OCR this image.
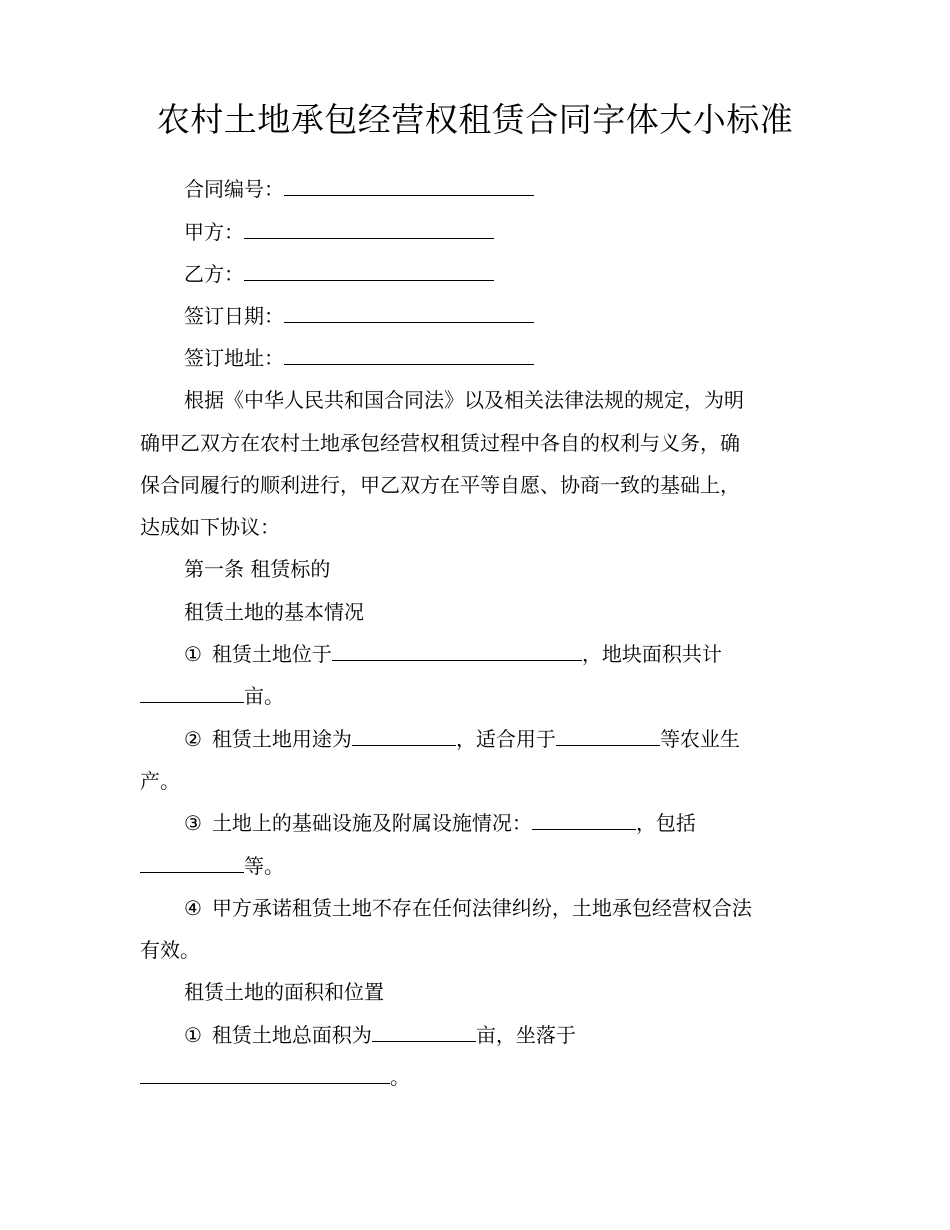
农村土地承包经营权租赁合同字体大小标准
合同编号：
甲方：
乙方：
签订日期：
签订地址：
根据《中华人民共和国合同法》以及相关法律法规的规定，为明
确甲乙双方在农村土地承包经营权租赁过程中各自的权利与义务，确
保合同履行的顺利进行，甲乙双方在平等自愿、协商一致的基础上，
达成如下协议：
第一条 租赁标的
租赁土地的基本情况
① 租赁土地位于	，地块面积共计
亩。
② 租赁土地用途为	，适合用于	等农业生
产。
③ 土地上的基础设施及附属设施情况：	，包括
等。
④ 甲方承诺租赁土地不存在任何法律纠纷，土地承包经营权合法
有效。
租赁土地的面积和位置
① 租赁土地总面积为	亩，坐落于
。
